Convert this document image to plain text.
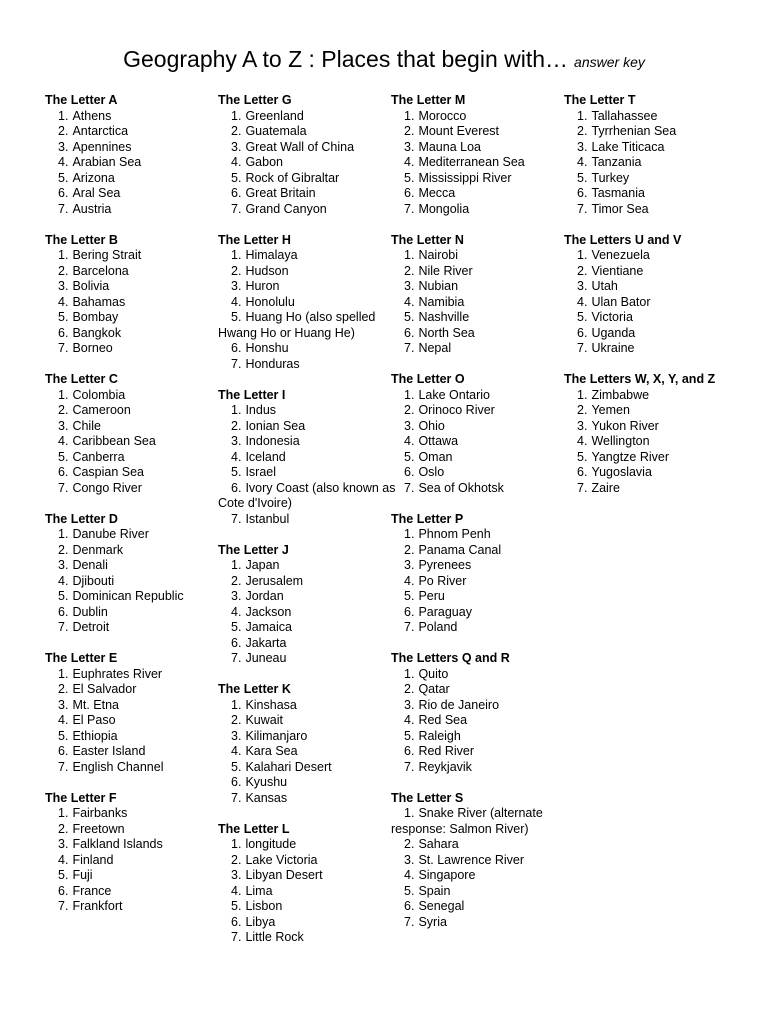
Geography A to Z : Places that begin with… answer key
The Letter A
1. Athens
2. Antarctica
3. Apennines
4. Arabian Sea
5. Arizona
6. Aral Sea
7. Austria
The Letter B
1. Bering Strait
2. Barcelona
3. Bolivia
4. Bahamas
5. Bombay
6. Bangkok
7. Borneo
The Letter C
1. Colombia
2. Cameroon
3. Chile
4. Caribbean Sea
5. Canberra
6. Caspian Sea
7. Congo River
The Letter D
1. Danube River
2. Denmark
3. Denali
4. Djibouti
5. Dominican Republic
6. Dublin
7. Detroit
The Letter E
1. Euphrates River
2. El Salvador
3. Mt. Etna
4. El Paso
5. Ethiopia
6. Easter Island
7. English Channel
The Letter F
1. Fairbanks
2. Freetown
3. Falkland Islands
4. Finland
5. Fuji
6. France
7. Frankfort
The Letter G
1. Greenland
2. Guatemala
3. Great Wall of China
4. Gabon
5. Rock of Gibraltar
6. Great Britain
7. Grand Canyon
The Letter H
1. Himalaya
2. Hudson
3. Huron
4. Honolulu
5. Huang Ho (also spelled Hwang Ho or Huang He)
6. Honshu
7. Honduras
The Letter I
1. Indus
2. Ionian Sea
3. Indonesia
4. Iceland
5. Israel
6. Ivory Coast (also known as Cote d'Ivoire)
7. Istanbul
The Letter J
1. Japan
2. Jerusalem
3. Jordan
4. Jackson
5. Jamaica
6. Jakarta
7. Juneau
The Letter K
1. Kinshasa
2. Kuwait
3. Kilimanjaro
4. Kara Sea
5. Kalahari Desert
6. Kyushu
7. Kansas
The Letter L
1. longitude
2. Lake Victoria
3. Libyan Desert
4. Lima
5. Lisbon
6. Libya
7. Little Rock
The Letter M
1. Morocco
2. Mount Everest
3. Mauna Loa
4. Mediterranean Sea
5. Mississippi River
6. Mecca
7. Mongolia
The Letter N
1. Nairobi
2. Nile River
3. Nubian
4. Namibia
5. Nashville
6. North Sea
7. Nepal
The Letter O
1. Lake Ontario
2. Orinoco River
3. Ohio
4. Ottawa
5. Oman
6. Oslo
7. Sea of Okhotsk
The Letter P
1. Phnom Penh
2. Panama Canal
3. Pyrenees
4. Po River
5. Peru
6. Paraguay
7. Poland
The Letters Q and R
1. Quito
2. Qatar
3. Rio de Janeiro
4. Red Sea
5. Raleigh
6. Red River
7. Reykjavik
The Letter S
1. Snake River (alternate response: Salmon River)
2. Sahara
3. St. Lawrence River
4. Singapore
5. Spain
6. Senegal
7. Syria
The Letter T
1. Tallahassee
2. Tyrrhenian Sea
3. Lake Titicaca
4. Tanzania
5. Turkey
6. Tasmania
7. Timor Sea
The Letters U and V
1. Venezuela
2. Vientiane
3. Utah
4. Ulan Bator
5. Victoria
6. Uganda
7. Ukraine
The Letters W, X, Y, and Z
1. Zimbabwe
2. Yemen
3. Yukon River
4. Wellington
5. Yangtze River
6. Yugoslavia
7. Zaire
